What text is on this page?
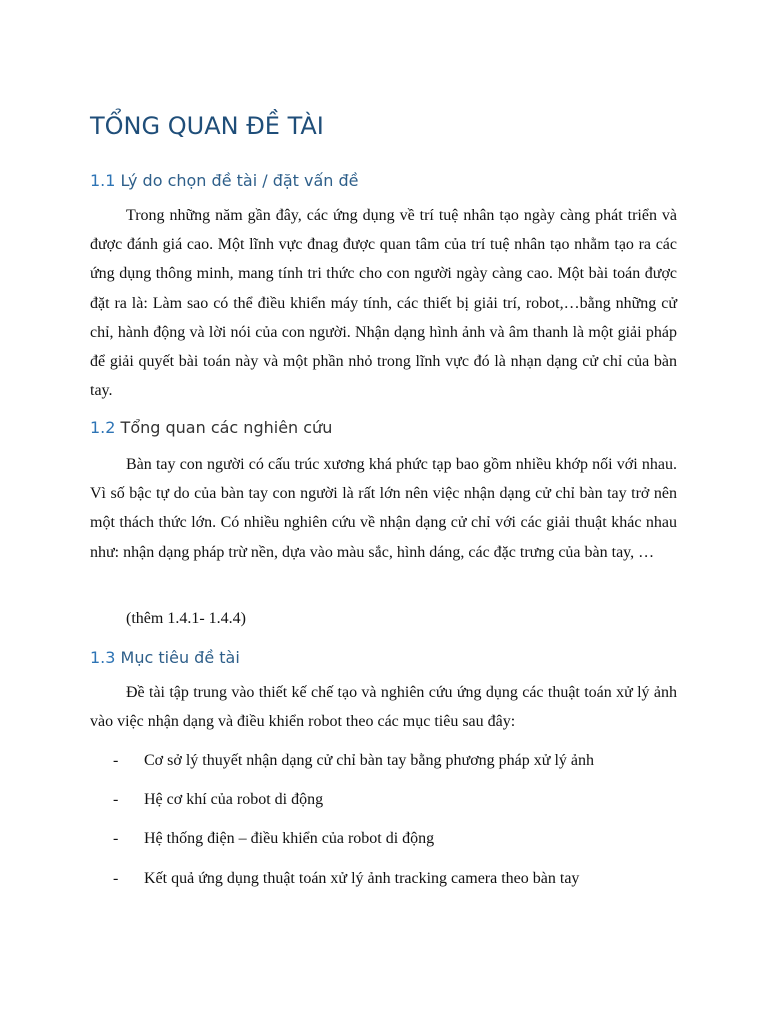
TỔNG QUAN ĐỀ TÀI
1.1 Lý do chọn đề tài / đặt vấn đề

Trong những năm gần đây, các ứng dụng về trí tuệ nhân tạo ngày càng phát triển và được đánh giá cao. Một lĩnh vực đnag được quan tâm của trí tuệ nhân tạo nhằm tạo ra các ứng dụng thông minh, mang tính tri thức cho con người ngày càng cao. Một bài toán được đặt ra là: Làm sao có thể điều khiển máy tính, các thiết bị giải trí, robot,…bằng những cử chỉ, hành động và lời nói của con người. Nhận dạng hình ảnh và âm thanh là một giải pháp để giải quyết bài toán này và một phần nhỏ trong lĩnh vực đó là nhạn dạng cử chỉ của bàn tay.

1.2 Tổng quan các nghiên cứu

Bàn tay con người có cấu trúc xương khá phức tạp bao gồm nhiều khớp nối với nhau. Vì số bậc tự do của bàn tay con người là rất lớn nên việc nhận dạng cử chỉ bàn tay trở nên một thách thức lớn. Có nhiều nghiên cứu về nhận dạng cử chỉ với các giải thuật khác nhau như: nhận dạng pháp trừ nền, dựa vào màu sắc, hình dáng, các đặc trưng của bàn tay, …

(thêm 1.4.1- 1.4.4)

1.3 Mục tiêu đề tài

Đề tài tập trung vào thiết kế chế tạo và nghiên cứu ứng dụng các thuật toán xử lý ảnh vào việc nhận dạng và điều khiển robot theo các mục tiêu sau đây:

- Cơ sở lý thuyết nhận dạng cử chỉ bàn tay bằng phương pháp xử lý ảnh

- Hệ cơ khí của robot di động

- Hệ thống điện – điều khiển của robot di động

- Kết quả ứng dụng thuật toán xử lý ảnh tracking camera theo bàn tay
